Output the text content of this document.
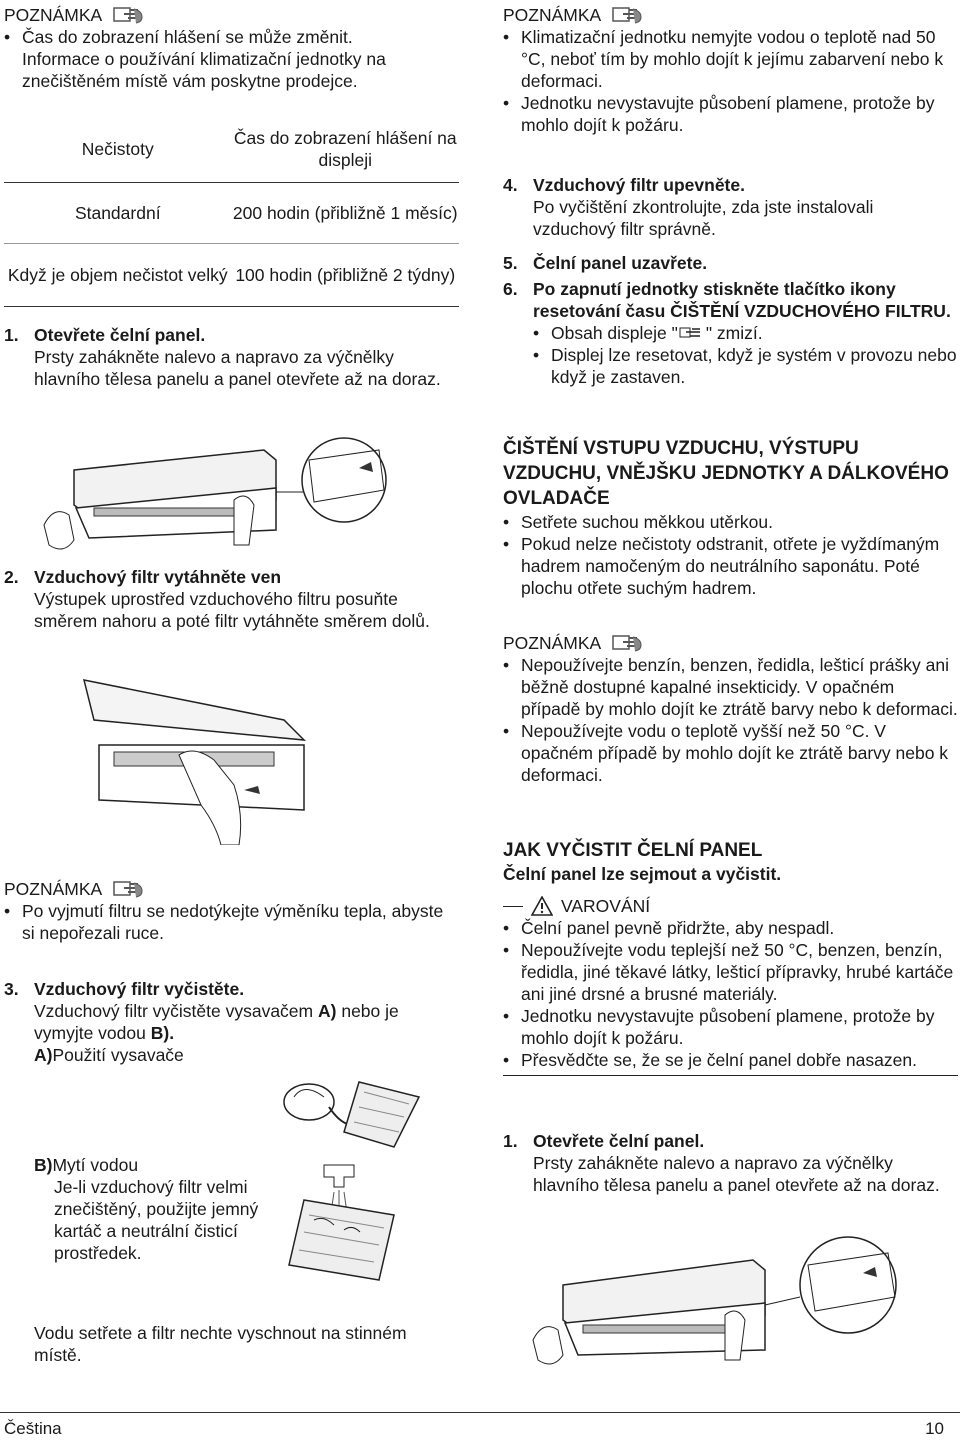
POZNÁMKA
• Čas do zobrazení hlášení se může změnit.
Informace o používání klimatizační jednotky na znečištěném místě vám poskytne prodejce.
Nečistoty
Čas do zobrazení hlášení na displeji
Standardní	200 hodin (přibližně 1 měsíc)
Když je objem nečistot velký 100 hodin (přibližně 2 týdny)
1. Otevřete čelní panel.
Prsty zahákněte nalevo a napravo za výčnělky hlavního tělesa panelu a panel otevřete až na doraz.
2. Vzduchový filtr vytáhněte ven
Výstupek uprostřed vzduchového filtru posuňte směrem nahoru a poté filtr vytáhněte směrem dolů.
POZNÁMKA
• Po vyjmutí filtru se nedotýkejte výměníku tepla, abyste si nepořezali ruce.
3. Vzduchový filtr vyčistěte.
Vzduchový filtr vyčistěte vysavačem A) nebo je vymyjte vodou B).
A)Použití vysavače
B)Mytí vodou
Je-li vzduchový filtr velmi znečištěný, použijte jemný kartáč a neutrální čisticí prostředek.
Vodu setřete a filtr nechte vyschnout na stinném místě.
POZNÁMKA
• Klimatizační jednotku nemyjte vodou o teplotě nad 50 °C, neboť tím by mohlo dojít k jejímu zabarvení nebo k deformaci.
• Jednotku nevystavujte působení plamene, protože by mohlo dojít k požáru.
4. Vzduchový filtr upevněte.
Po vyčištění zkontrolujte, zda jste instalovali vzduchový filtr správně.
5. Čelní panel uzavřete.
6. Po zapnutí jednotky stiskněte tlačítko ikony resetování času ČIŠTĚNÍ VZDUCHOVÉHO FILTRU.
• Obsah displeje " " zmizí.
• Displej lze resetovat, když je systém v provozu nebo když je zastaven.
ČIŠTĚNÍ VSTUPU VZDUCHU, VÝSTUPU VZDUCHU, VNĚJŠKU JEDNOTKY A DÁLKOVÉHO OVLADAČE
• Setřete suchou měkkou utěrkou.
• Pokud nelze nečistoty odstranit, otřete je vyždímaným hadrem namočeným do neutrálního saponátu. Poté plochu otřete suchým hadrem.
POZNÁMKA
• Nepoužívejte benzín, benzen, ředidla, lešticí prášky ani běžně dostupné kapalné insekticidy. V opačném případě by mohlo dojít ke ztrátě barvy nebo k deformaci.
• Nepoužívejte vodu o teplotě vyšší než 50 °C. V opačném případě by mohlo dojít ke ztrátě barvy nebo k deformaci.
JAK VYČISTIT ČELNÍ PANEL
Čelní panel lze sejmout a vyčistit.
VAROVÁNÍ
• Čelní panel pevně přidržte, aby nespadl.
• Nepoužívejte vodu teplejší než 50 °C, benzen, benzín, ředidla, jiné těkavé látky, lešticí přípravky, hrubé kartáče ani jiné drsné a brusné materiály.
• Jednotku nevystavujte působení plamene, protože by mohlo dojít k požáru.
• Přesvědčte se, že se je čelní panel dobře nasazen.
1. Otevřete čelní panel.
Prsty zahákněte nalevo a napravo za výčnělky hlavního tělesa panelu a panel otevřete až na doraz.
Čeština	10
